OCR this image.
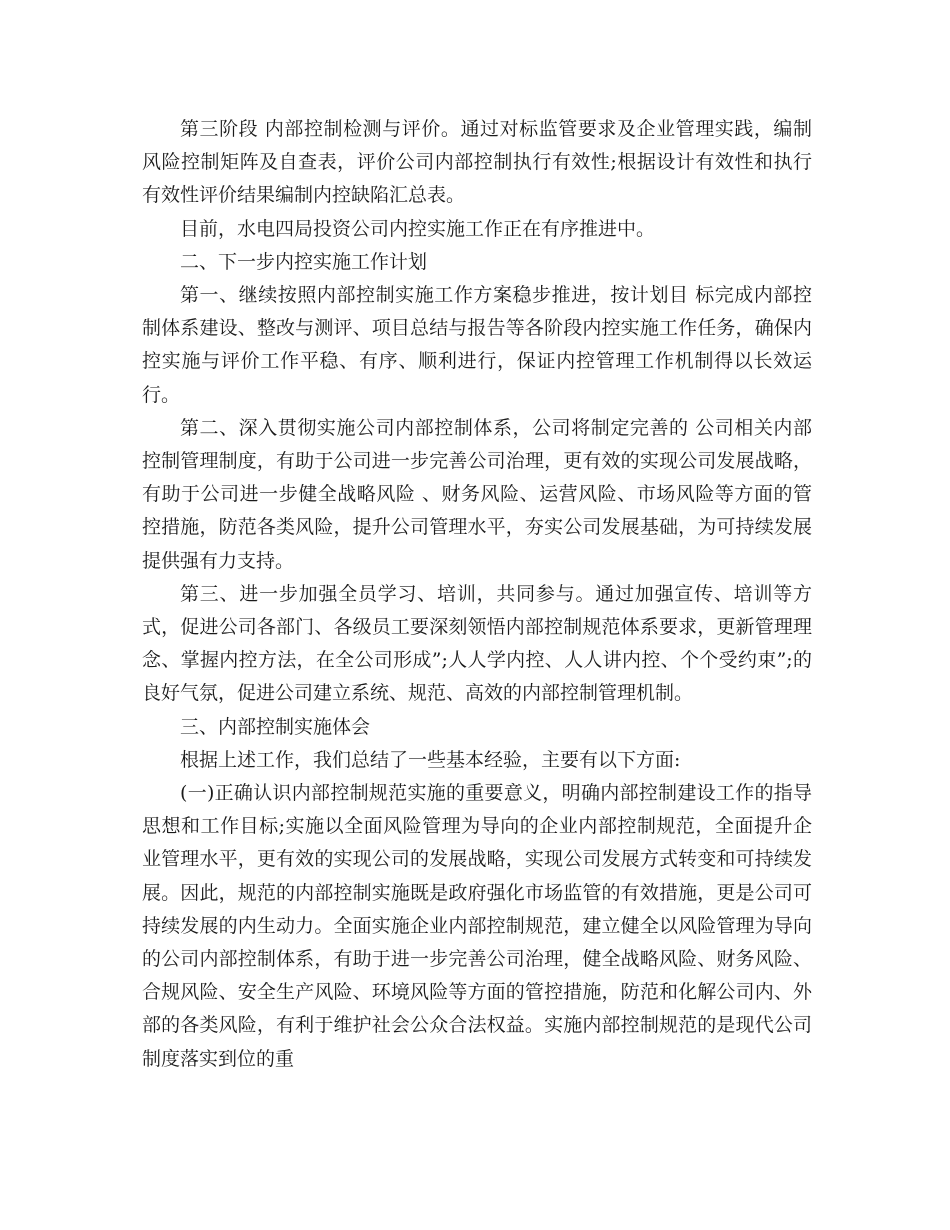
第三阶段 内部控制检测与评价。通过对标监管要求及企业管理实践，编制风险控制矩阵及自查表，评价公司内部控制执行有效性;根据设计有效性和执行有效性评价结果编制内控缺陷汇总表。

目前，水电四局投资公司内控实施工作正在有序推进中。

二、下一步内控实施工作计划

第一、继续按照内部控制实施工作方案稳步推进，按计划目 标完成内部控制体系建设、整改与测评、项目总结与报告等各阶段内控实施工作任务，确保内控实施与评价工作平稳、有序、顺利进行，保证内控管理工作机制得以长效运行。

第二、深入贯彻实施公司内部控制体系，公司将制定完善的 公司相关内部控制管理制度，有助于公司进一步完善公司治理，更有效的实现公司发展战略，有助于公司进一步健全战略风险 、财务风险、运营风险、市场风险等方面的管控措施，防范各类风险，提升公司管理水平，夯实公司发展基础，为可持续发展提供强有力支持。

第三、进一步加强全员学习、培训，共同参与。通过加强宣传、培训等方式，促进公司各部门、各级员工要深刻领悟内部控制规范体系要求，更新管理理念、掌握内控方法，在全公司形成”;人人学内控、人人讲内控、个个受约束”;的良好气氛，促进公司建立系统、规范、高效的内部控制管理机制。

三、内部控制实施体会

根据上述工作，我们总结了一些基本经验，主要有以下方面:

(一)正确认识内部控制规范实施的重要意义，明确内部控制建设工作的指导思想和工作目标;实施以全面风险管理为导向的企业内部控制规范，全面提升企业管理水平，更有效的实现公司的发展战略，实现公司发展方式转变和可持续发展。因此，规范的内部控制实施既是政府强化市场监管的有效措施，更是公司可持续发展的内生动力。全面实施企业内部控制规范，建立健全以风险管理为导向的公司内部控制体系，有助于进一步完善公司治理，健全战略风险、财务风险、合规风险、安全生产风险、环境风险等方面的管控措施，防范和化解公司内、外部的各类风险，有利于维护社会公众合法权益。实施内部控制规范的是现代公司制度落实到位的重
